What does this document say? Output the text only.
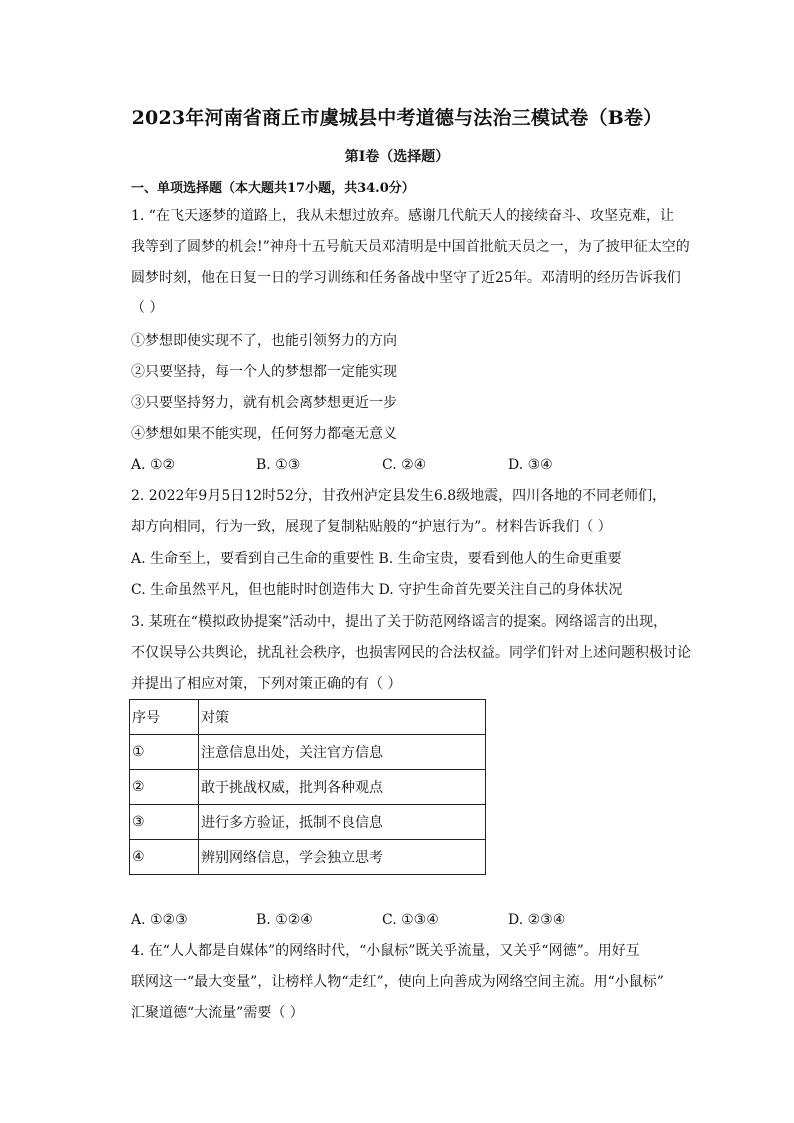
2023年河南省商丘市虞城县中考道德与法治三模试卷（B卷）
第Ⅰ卷（选择题）
一、单项选择题（本大题共17小题，共34.0分）
1. “在飞天逐梦的道路上，我从未想过放弃。感谢几代航天人的接续奋斗、攻坚克难，让
我等到了圆梦的机会!”神舟十五号航天员邓清明是中国首批航天员之一，为了披甲征太空的
圆梦时刻，他在日复一日的学习训练和任务备战中坚守了近25年。邓清明的经历告诉我们
（ ）
①梦想即使实现不了，也能引领努力的方向
②只要坚持，每一个人的梦想都一定能实现
③只要坚持努力，就有机会离梦想更近一步
④梦想如果不能实现，任何努力都毫无意义
A. ①②	B. ①③	C. ②④	D. ③④
2. 2022年9月5日12时52分，甘孜州泸定县发生6.8级地震，四川各地的不同老师们，
却方向相同，行为一致，展现了复制粘贴般的“护崽行为”。材料告诉我们（ ）
A. 生命至上，要看到自己生命的重要性 B. 生命宝贵，要看到他人的生命更重要
C. 生命虽然平凡，但也能时时创造伟大 D. 守护生命首先要关注自己的身体状况
3. 某班在“模拟政协提案”活动中，提出了关于防范网络谣言的提案。网络谣言的出现，
不仅误导公共舆论，扰乱社会秩序，也损害网民的合法权益。同学们针对上述问题积极讨论
并提出了相应对策，下列对策正确的有（ ）
序号	对策
①	注意信息出处，关注官方信息
②	敢于挑战权威，批判各种观点
③	进行多方验证，抵制不良信息
④	辨别网络信息，学会独立思考
A. ①②③	B. ①②④	C. ①③④	D. ②③④
4. 在“人人都是自媒体”的网络时代，“小鼠标”既关乎流量，又关乎“网德”。用好互
联网这一“最大变量”，让榜样人物“走红”，使向上向善成为网络空间主流。用“小鼠标”
汇聚道德“大流量”需要（ ）
